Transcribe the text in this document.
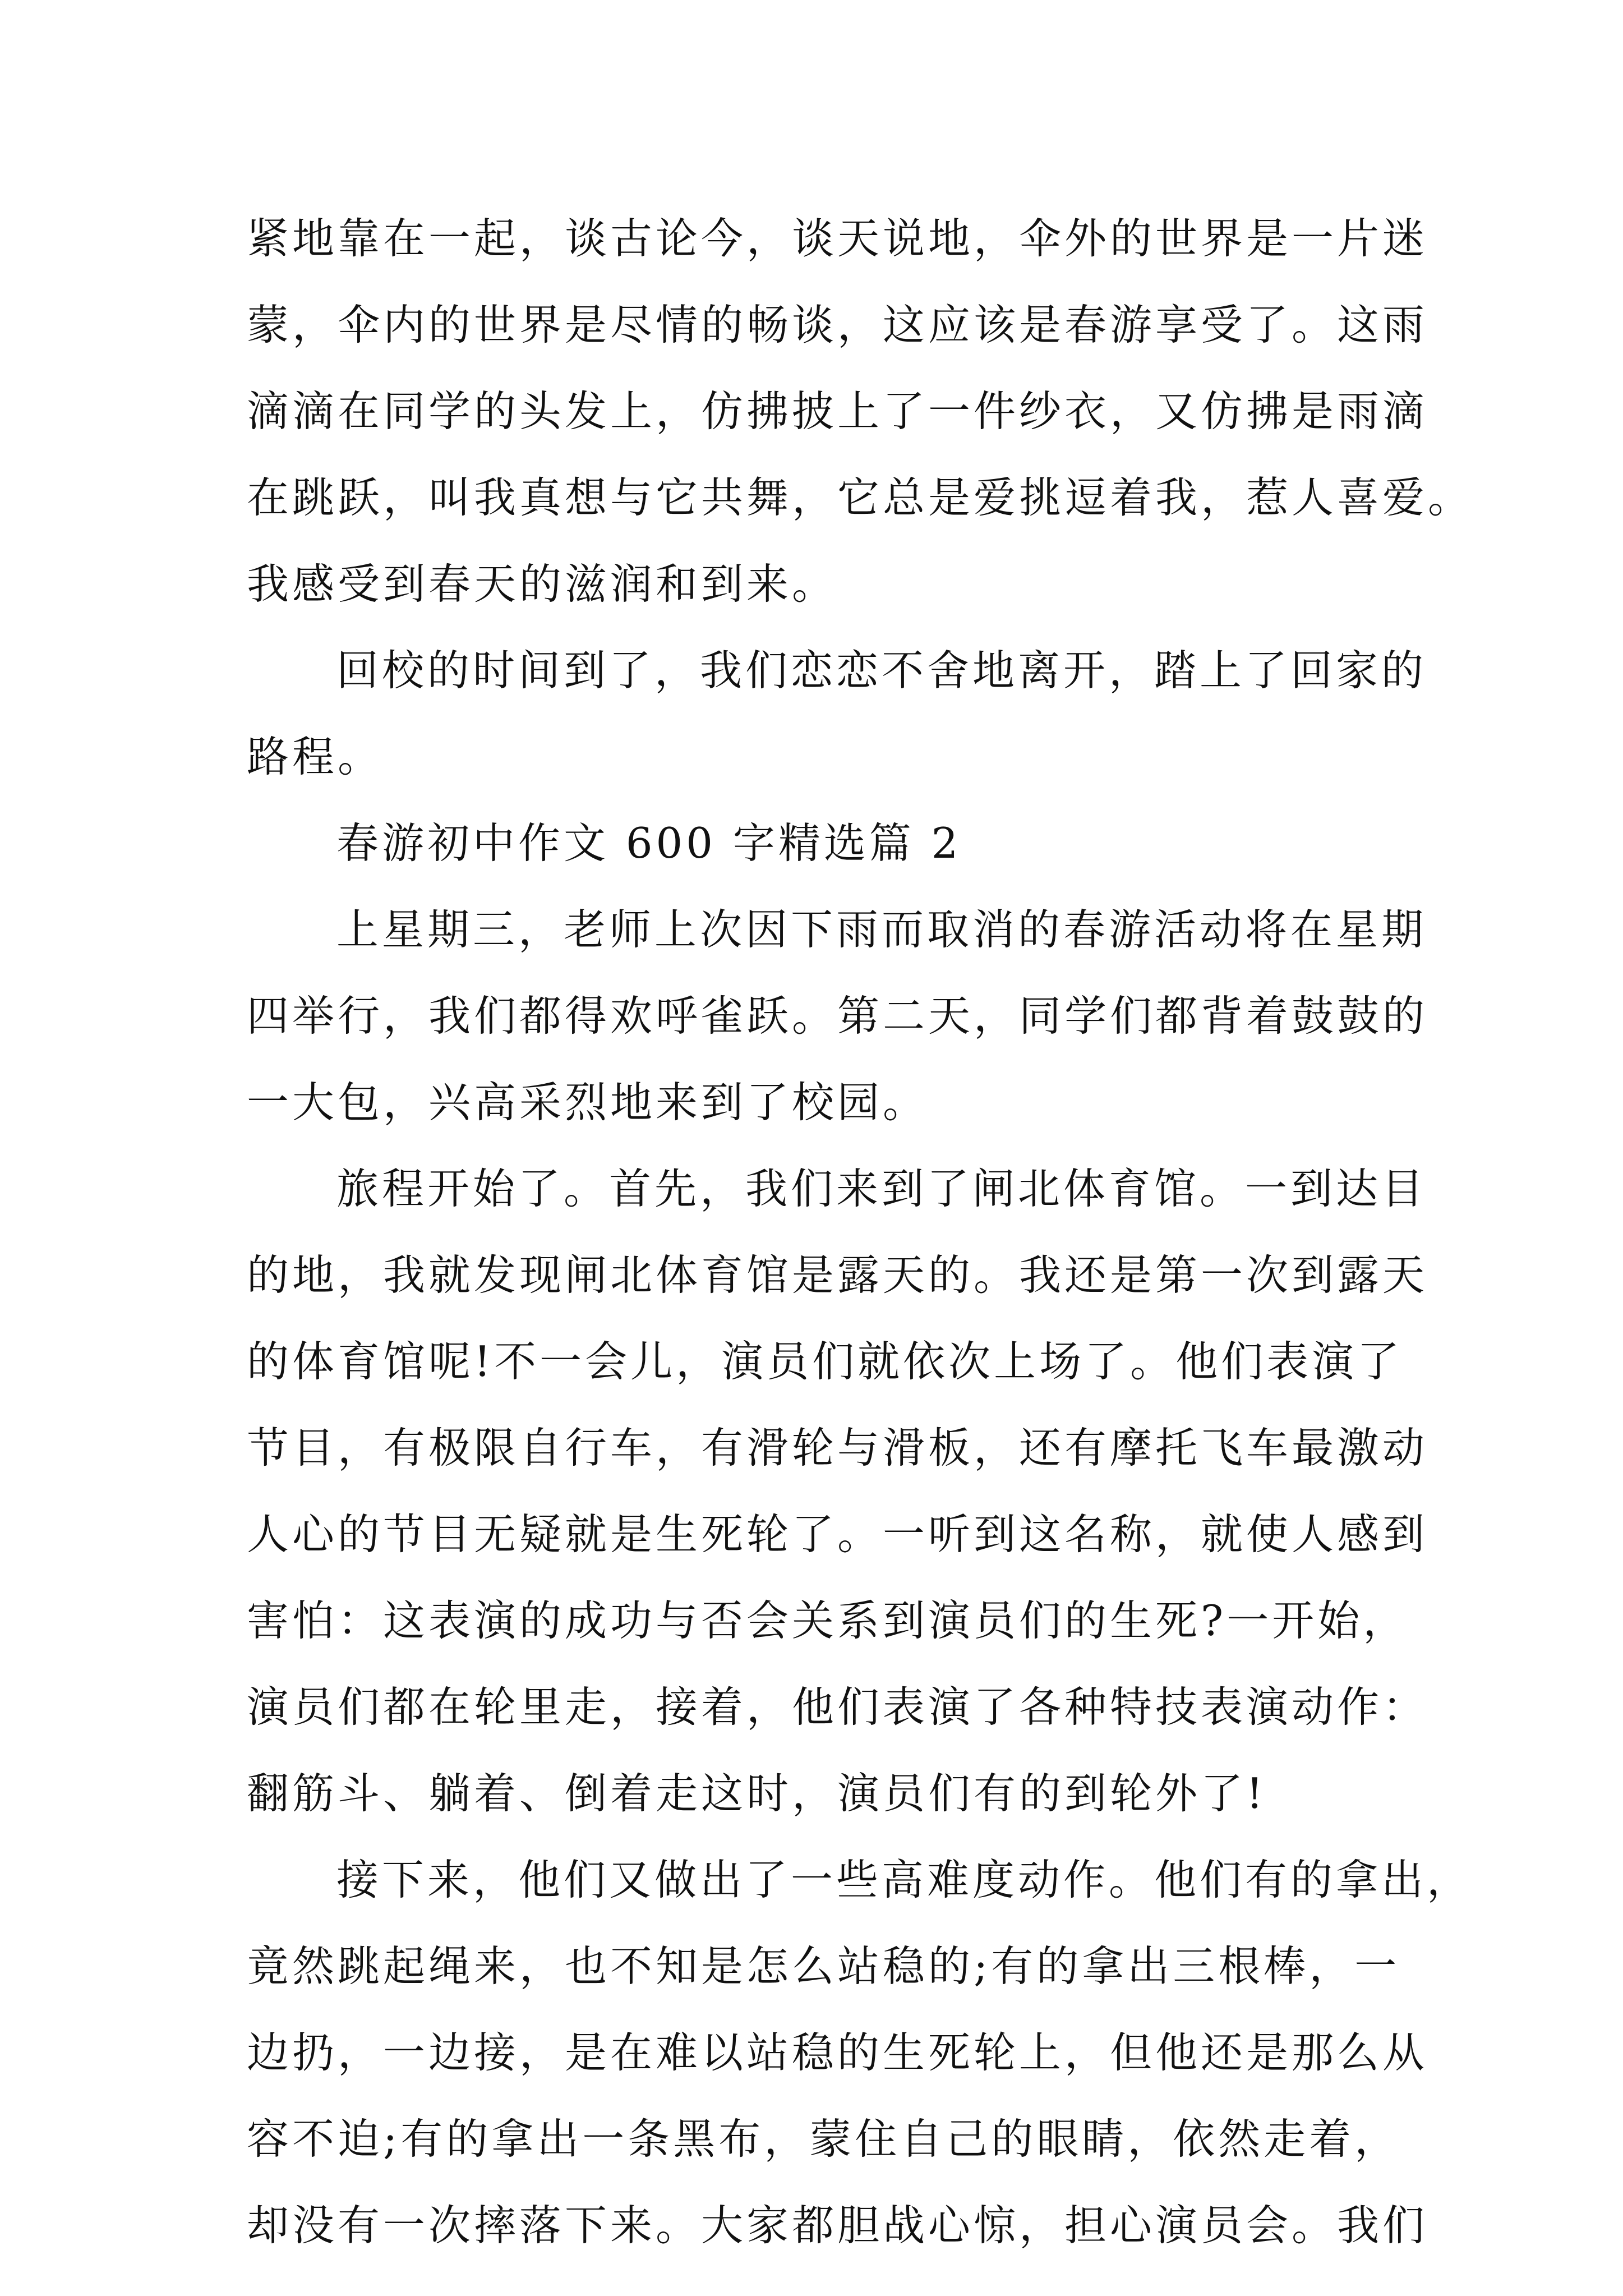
紧地靠在一起，谈古论今，谈天说地，伞外的世界是一片迷
蒙，伞内的世界是尽情的畅谈，这应该是春游享受了。这雨
滴滴在同学的头发上，仿拂披上了一件纱衣，又仿拂是雨滴
在跳跃，叫我真想与它共舞，它总是爱挑逗着我，惹人喜爱。
我感受到春天的滋润和到来。
回校的时间到了，我们恋恋不舍地离开，踏上了回家的
路程。
春游初中作文 600 字精选篇 2
上星期三，老师上次因下雨而取消的春游活动将在星期
四举行，我们都得欢呼雀跃。第二天，同学们都背着鼓鼓的
一大包，兴高采烈地来到了校园。
旅程开始了。首先，我们来到了闸北体育馆。一到达目
的地，我就发现闸北体育馆是露天的。我还是第一次到露天
的体育馆呢!不一会儿，演员们就依次上场了。他们表演了
节目，有极限自行车，有滑轮与滑板，还有摩托飞车最激动
人心的节目无疑就是生死轮了。一听到这名称，就使人感到
害怕：这表演的成功与否会关系到演员们的生死?一开始，
演员们都在轮里走，接着，他们表演了各种特技表演动作：
翻筋斗、躺着、倒着走这时，演员们有的到轮外了!
接下来，他们又做出了一些高难度动作。他们有的拿出，
竟然跳起绳来，也不知是怎么站稳的;有的拿出三根棒，一
边扔，一边接，是在难以站稳的生死轮上，但他还是那么从
容不迫;有的拿出一条黑布，蒙住自己的眼睛，依然走着，
却没有一次摔落下来。大家都胆战心惊，担心演员会。我们
